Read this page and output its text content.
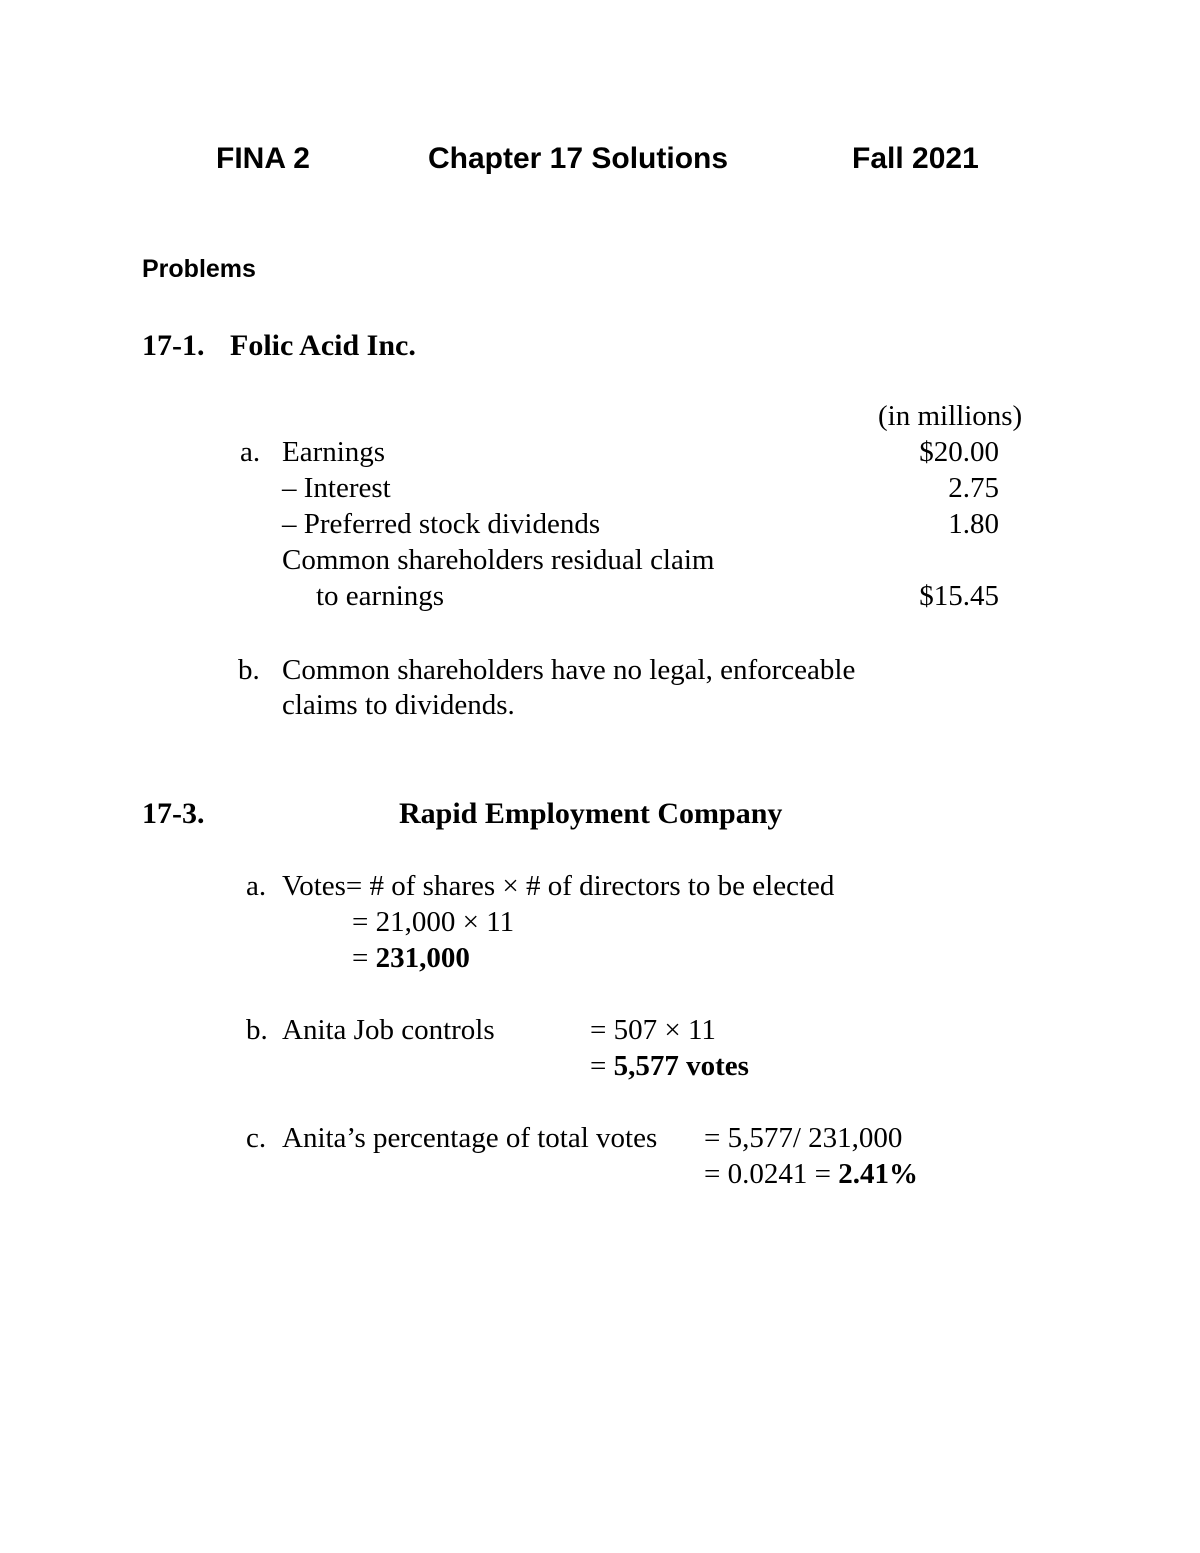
FINA 2	Chapter 17 Solutions	Fall 2021
Problems
17-1. Folic Acid Inc.
(in millions)
a. Earnings	$20.00
– Interest	2.75
– Preferred stock dividends	1.80
Common shareholders residual claim
to earnings	$15.45
b. Common shareholders have no legal, enforceable
claims to dividends.
17-3.	Rapid Employment Company
a. Votes= # of shares × # of directors to be elected
= 21,000 × 11
= 231,000
b. Anita Job controls	= 507 × 11
= 5,577 votes
c. Anita’s percentage of total votes = 5,577/ 231,000
= 0.0241 = 2.41%
